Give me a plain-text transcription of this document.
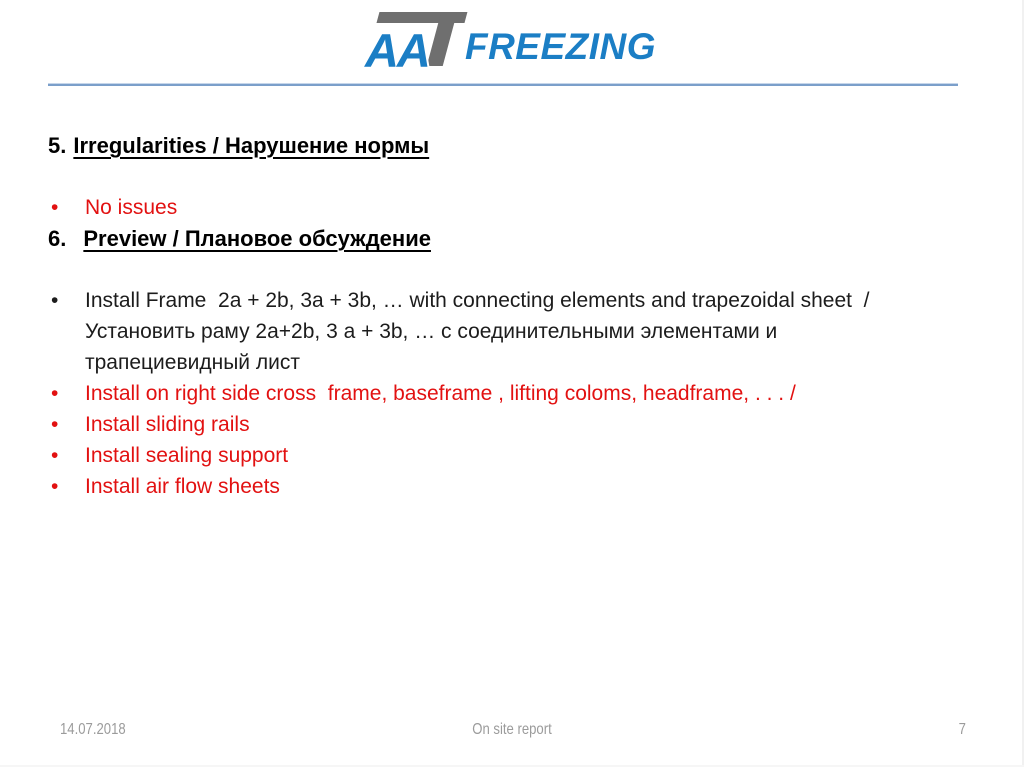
AA FREEZING
5. Irregularities / Нарушение нормы
• No issues
6. Preview / Плановое обсуждение
• Install Frame  2a + 2b, 3a + 3b, … with connecting elements and trapezoidal sheet  /
Установить раму 2a+2b, 3 a + 3b, … с соединительными элементами и
трапециевидный лист
• Install on right side cross  frame, baseframe , lifting coloms, headframe, . . . /
• Install sliding rails
• Install sealing support
• Install air flow sheets
14.07.2018	On site report	7
